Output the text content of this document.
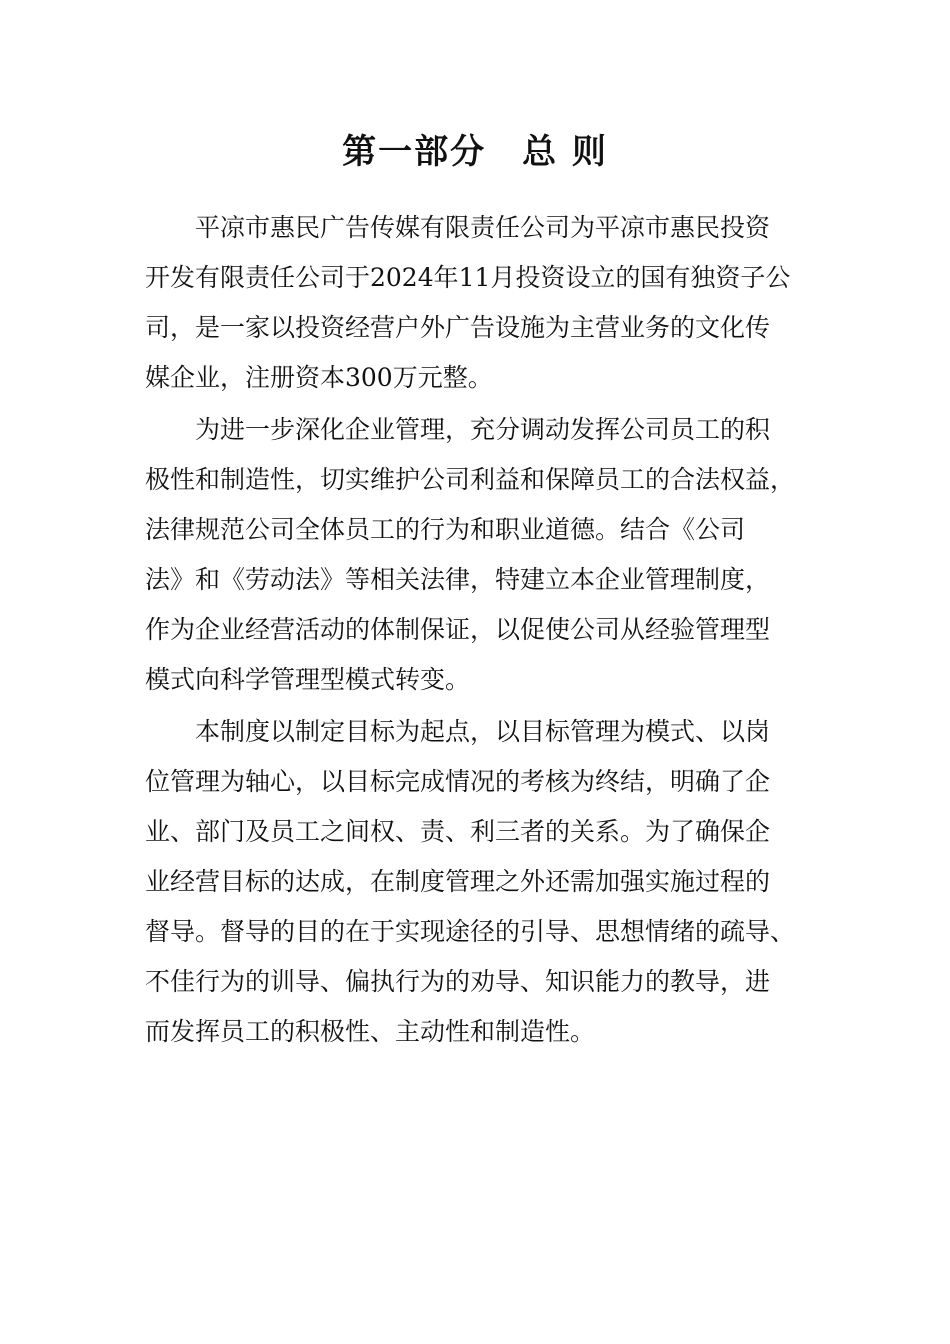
第一部分　总 则

平凉市惠民广告传媒有限责任公司为平凉市惠民投资
开发有限责任公司于2024年11月投资设立的国有独资子公
司，是一家以投资经营户外广告设施为主营业务的文化传
媒企业，注册资本300万元整。

为进一步深化企业管理，充分调动发挥公司员工的积
极性和制造性，切实维护公司利益和保障员工的合法权益，
法律规范公司全体员工的行为和职业道德。结合《公司
法》和《劳动法》等相关法律，特建立本企业管理制度，
作为企业经营活动的体制保证，以促使公司从经验管理型
模式向科学管理型模式转变。

本制度以制定目标为起点，以目标管理为模式、以岗
位管理为轴心，以目标完成情况的考核为终结，明确了企
业、部门及员工之间权、责、利三者的关系。为了确保企
业经营目标的达成，在制度管理之外还需加强实施过程的
督导。督导的目的在于实现途径的引导、思想情绪的疏导、
不佳行为的训导、偏执行为的劝导、知识能力的教导，进
而发挥员工的积极性、主动性和制造性。
